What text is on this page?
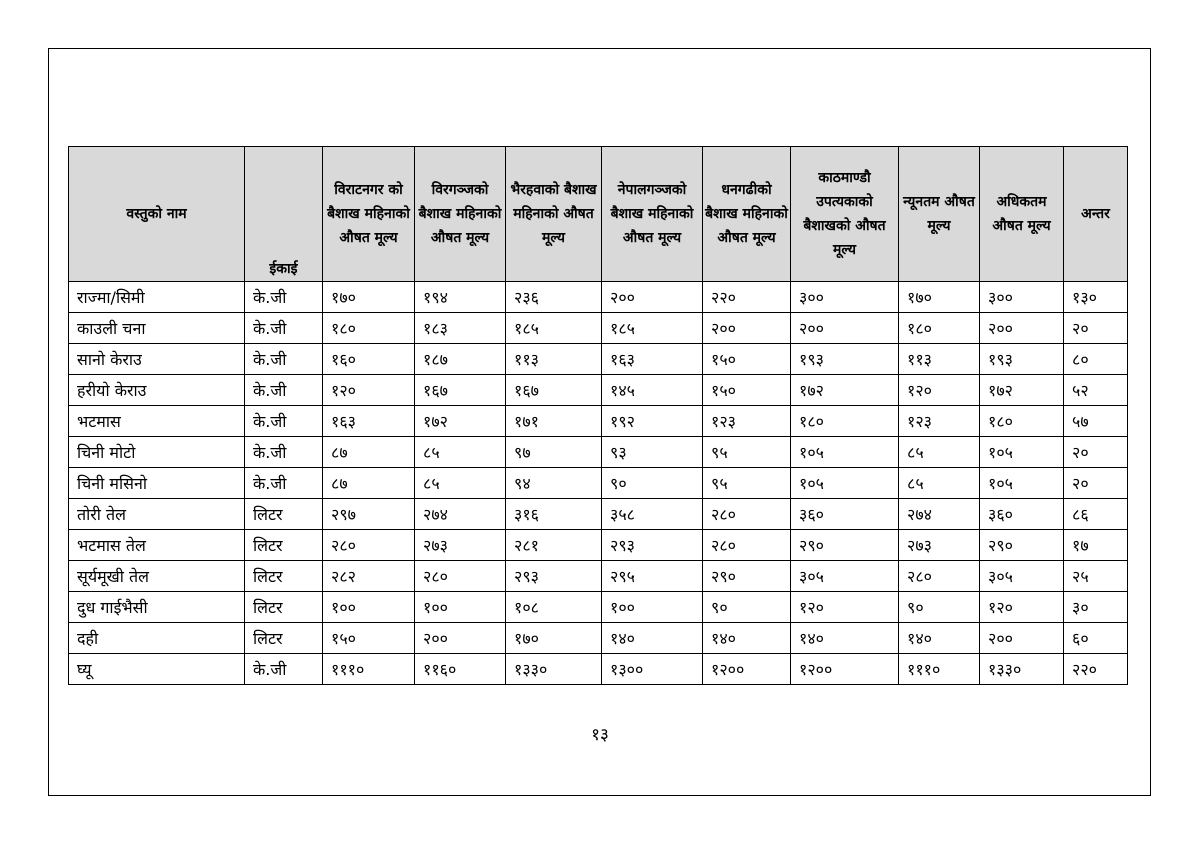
वस्तुको नाम	ईकाई	विराटनगर को बैशाख महिनाको औषत मूल्य	विरगञ्जको बैशाख महिनाको औषत मूल्य	भैरहवाको बैशाख महिनाको औषत मूल्य	नेपालगञ्जको बैशाख महिनाको औषत मूल्य	धनगढीको बैशाख महिनाको औषत मूल्य	काठमाण्डौ उपत्यकाको बैशाखको औषत मूल्य	न्यूनतम औषत मूल्य	अधिकतम औषत मूल्य	अन्तर
राज्मा/सिमी	के.जी	१७०	१९४	२३६	२००	२२०	३००	१७०	३००	१३०
काउली चना	के.जी	१८०	१८३	१८५	१८५	२००	२००	१८०	२००	२०
सानो केराउ	के.जी	१६०	१८७	११३	१६३	१५०	१९३	११३	१९३	८०
हरीयो केराउ	के.जी	१२०	१६७	१६७	१४५	१५०	१७२	१२०	१७२	५२
भटमास	के.जी	१६३	१७२	१७१	१९२	१२३	१८०	१२३	१८०	५७
चिनी मोटो	के.जी	८७	८५	९७	९३	९५	१०५	८५	१०५	२०
चिनी मसिनो	के.जी	८७	८५	९४	९०	९५	१०५	८५	१०५	२०
तोरी तेल	लिटर	२९७	२७४	३१६	३५८	२८०	३६०	२७४	३६०	८६
भटमास तेल	लिटर	२८०	२७३	२८१	२९३	२८०	२९०	२७३	२९०	१७
सूर्यमूखी तेल	लिटर	२८२	२८०	२९३	२९५	२९०	३०५	२८०	३०५	२५
दुध गाईभैसी	लिटर	१००	१००	१०८	१००	९०	१२०	९०	१२०	३०
दही	लिटर	१५०	२००	१७०	१४०	१४०	१४०	१४०	२००	६०
घ्यू	के.जी	१११०	११६०	१३३०	१३००	१२००	१२००	१११०	१३३०	२२०
१३
